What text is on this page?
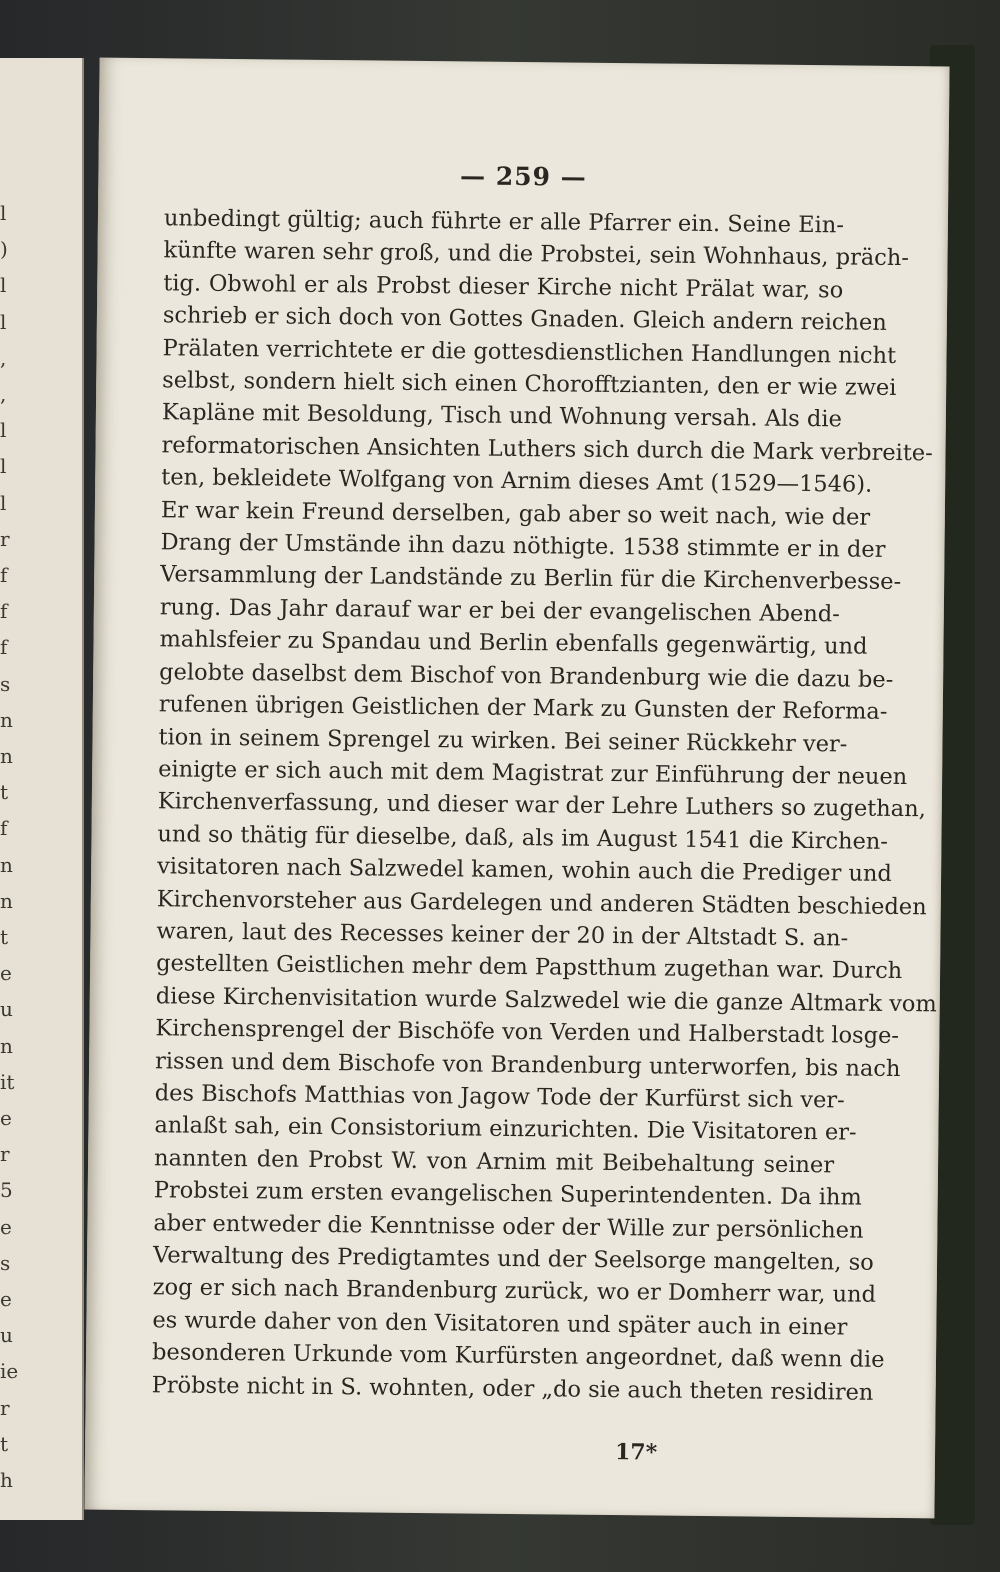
l
)
l
l
,
,
l
l
l
r
f
f
f
s
n
n
t
f
n
n
t
e
u
n
it
e
r
5
e
s
e
u
ie
r
t
h
— 259 —
unbedingt gültig; auch führte er alle Pfarrer ein. Seine Ein-
künfte waren sehr groß, und die Probstei, sein Wohnhaus, präch-
tig. Obwohl er als Probst dieser Kirche nicht Prälat war, so
schrieb er sich doch von Gottes Gnaden. Gleich andern reichen
Prälaten verrichtete er die gottesdienstlichen Handlungen nicht
selbst, sondern hielt sich einen Chorofftzianten, den er wie zwei
Kapläne mit Besoldung, Tisch und Wohnung versah. Als die
reformatorischen Ansichten Luthers sich durch die Mark verbreite-
ten, bekleidete Wolfgang von Arnim dieses Amt (1529—1546).
Er war kein Freund derselben, gab aber so weit nach, wie der
Drang der Umstände ihn dazu nöthigte. 1538 stimmte er in der
Versammlung der Landstände zu Berlin für die Kirchenverbesse-
rung. Das Jahr darauf war er bei der evangelischen Abend-
mahlsfeier zu Spandau und Berlin ebenfalls gegenwärtig, und
gelobte daselbst dem Bischof von Brandenburg wie die dazu be-
rufenen übrigen Geistlichen der Mark zu Gunsten der Reforma-
tion in seinem Sprengel zu wirken. Bei seiner Rückkehr ver-
einigte er sich auch mit dem Magistrat zur Einführung der neuen
Kirchenverfassung, und dieser war der Lehre Luthers so zugethan,
und so thätig für dieselbe, daß, als im August 1541 die Kirchen-
visitatoren nach Salzwedel kamen, wohin auch die Prediger und
Kirchenvorsteher aus Gardelegen und anderen Städten beschieden
waren, laut des Recesses keiner der 20 in der Altstadt S. an-
gestellten Geistlichen mehr dem Papstthum zugethan war. Durch
diese Kirchenvisitation wurde Salzwedel wie die ganze Altmark vom
Kirchensprengel der Bischöfe von Verden und Halberstadt losge-
rissen und dem Bischofe von Brandenburg unterworfen, bis nach
des Bischofs Matthias von Jagow Tode der Kurfürst sich ver-
anlaßt sah, ein Consistorium einzurichten. Die Visitatoren er-
nannten den Probst W. von Arnim mit Beibehaltung seiner
Probstei zum ersten evangelischen Superintendenten. Da ihm
aber entweder die Kenntnisse oder der Wille zur persönlichen
Verwaltung des Predigtamtes und der Seelsorge mangelten, so
zog er sich nach Brandenburg zurück, wo er Domherr war, und
es wurde daher von den Visitatoren und später auch in einer
besonderen Urkunde vom Kurfürsten angeordnet, daß wenn die
Pröbste nicht in S. wohnten, oder „do sie auch theten residiren
17*
